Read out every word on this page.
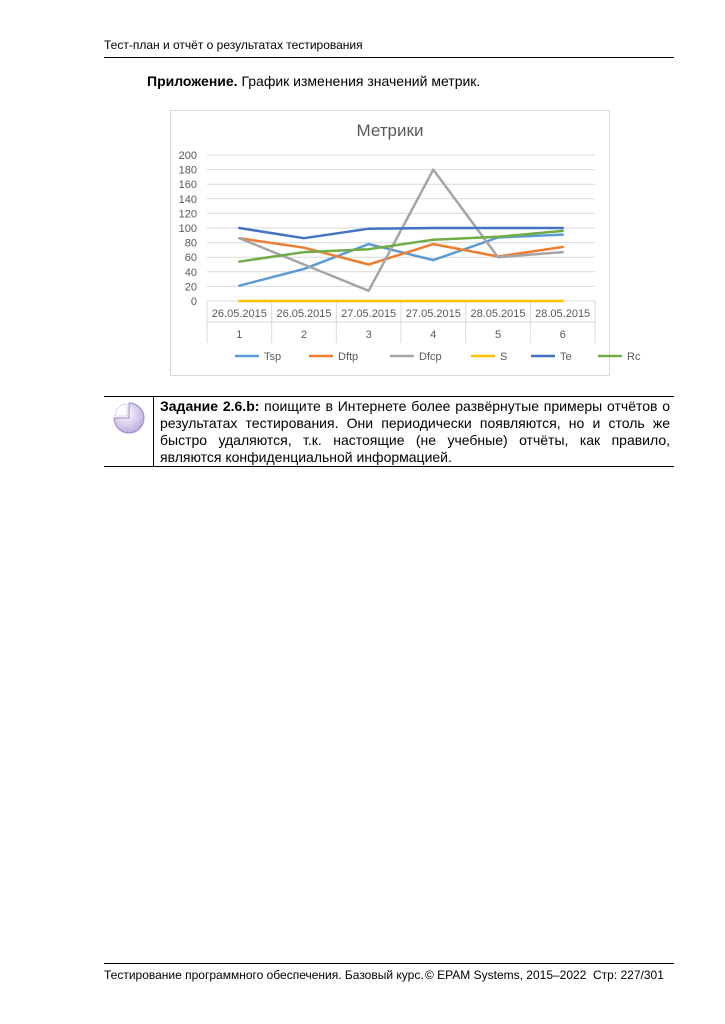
Тест-план и отчёт о результатах тестирования
Приложение. График изменения значений метрик.
Метрики
0
20
40
60
80
100
120
140
160
180
200
26.05.2015
1
26.05.2015
2
27.05.2015
3
27.05.2015
4
28.05.2015
5
28.05.2015
6
Tsp	Dftp	Dfcp	S	Te	Rc
Задание 2.6.b: поищите в Интернете более развёрнутые примеры отчётов о результатах тестирования. Они периодически появляются, но и столь же быстро удаляются, т.к. настоящие (не учебные) отчёты, как правило, являются конфиденциальной информацией.
Тестирование программного обеспечения. Базовый курс. © EPAM Systems, 2015–2022 Стр: 227/301
